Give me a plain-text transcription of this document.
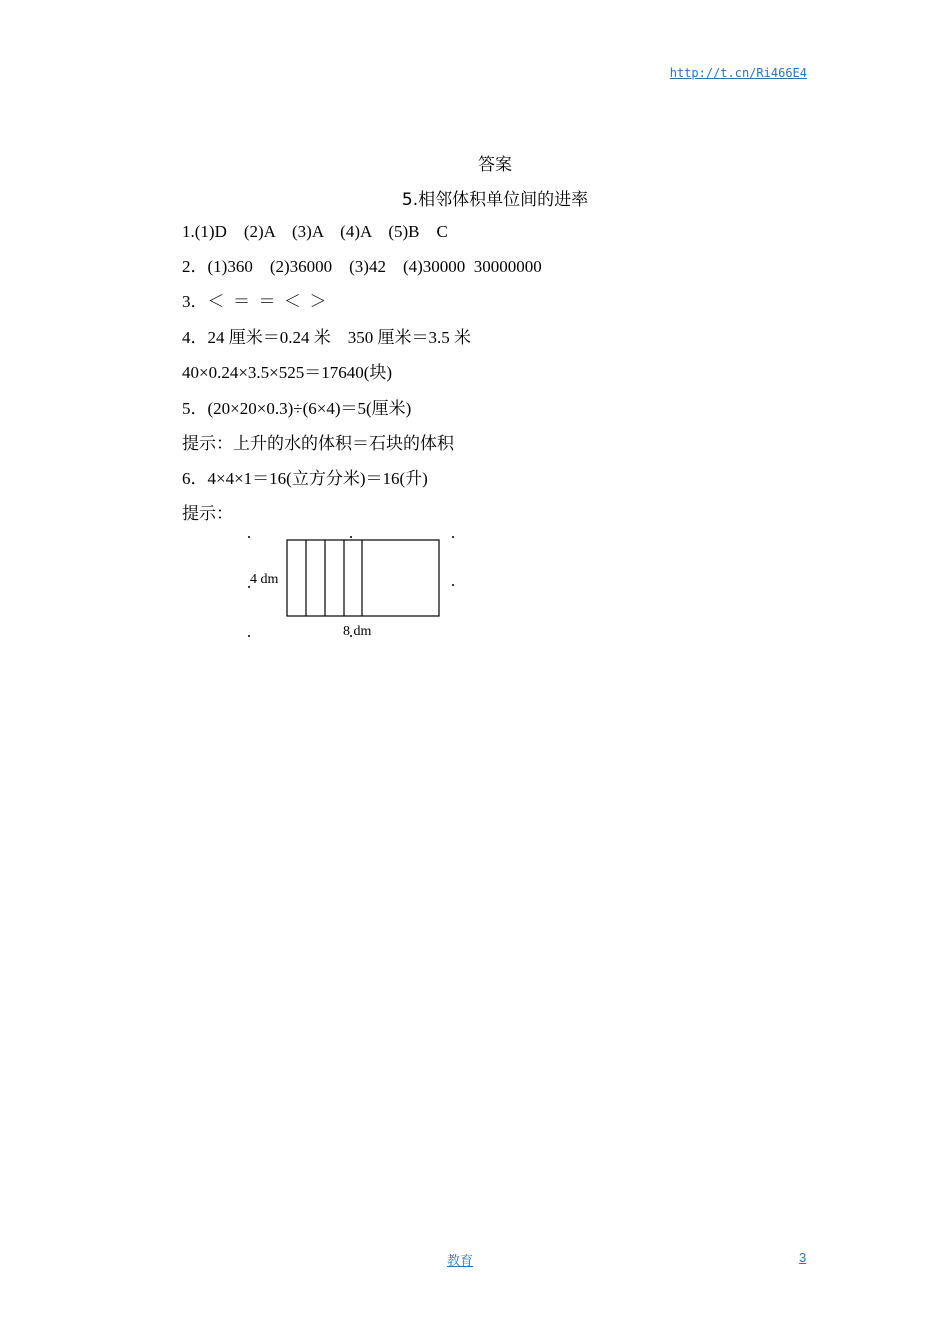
http://t.cn/Ri466E4
答案
5.相邻体积单位间的进率
1.(1)D    (2)A    (3)A    (4)A    (5)B    C
2．(1)360    (2)36000    (3)42    (4)30000  30000000
3．＜  ＝  ＝  ＜  ＞
4．24 厘米＝0.24 米    350 厘米＝3.5 米
40×0.24×3.5×525＝17640(块)
5．(20×20×0.3)÷(6×4)＝5(厘米)
提示：上升的水的体积＝石块的体积
6．4×4×1＝16(立方分米)＝16(升)
提示：
4 dm
8 dm
教育	3
